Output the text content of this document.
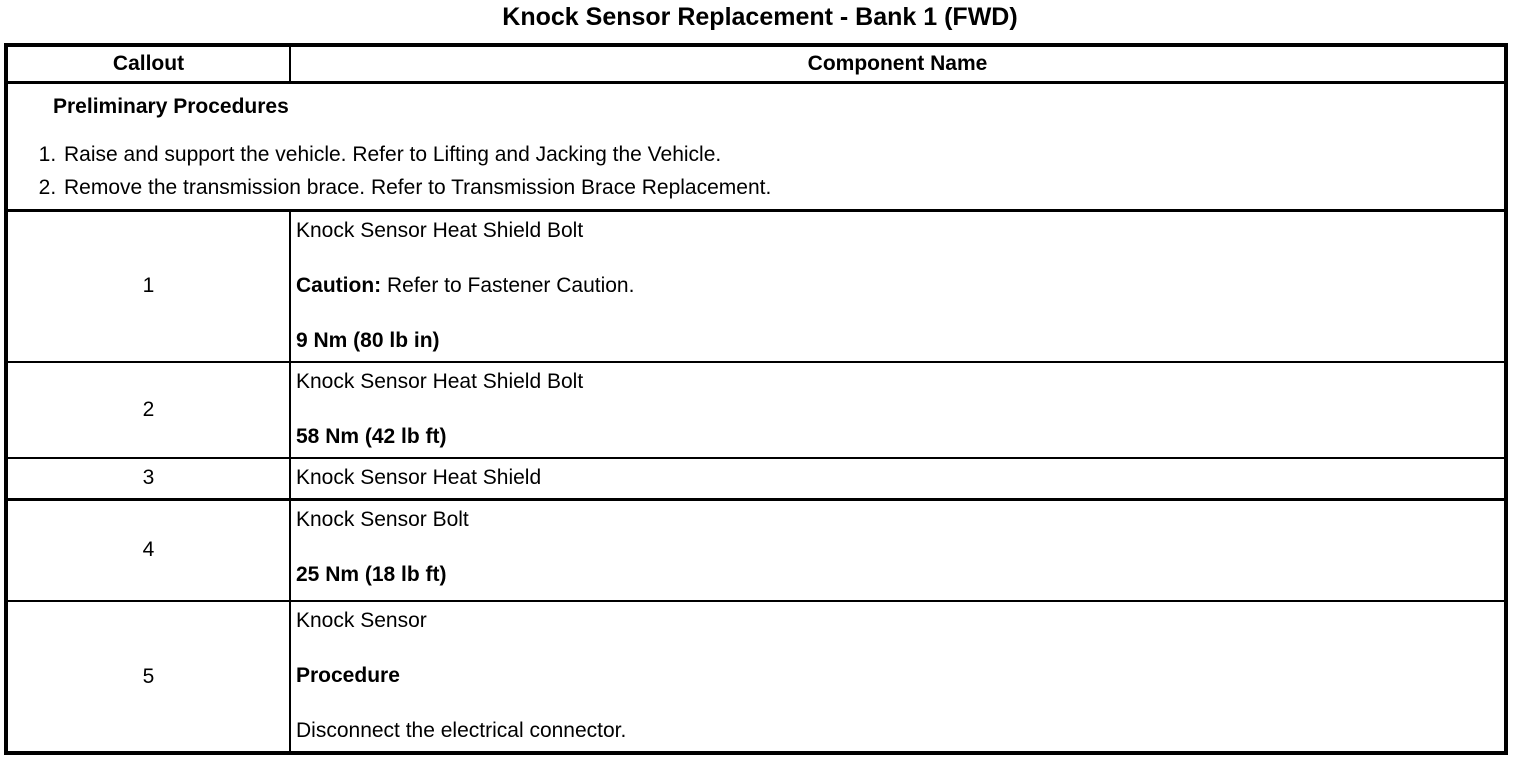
Knock Sensor Replacement - Bank 1 (FWD)
Callout	Component Name

Preliminary Procedures
1. Raise and support the vehicle. Refer to Lifting and Jacking the Vehicle.
2. Remove the transmission brace. Refer to Transmission Brace Replacement.

1	Knock Sensor Heat Shield Bolt

Caution: Refer to Fastener Caution.

9 Nm (80 lb in)

2	Knock Sensor Heat Shield Bolt

58 Nm (42 lb ft)

3	Knock Sensor Heat Shield

4	Knock Sensor Bolt

25 Nm (18 lb ft)

5	Knock Sensor

Procedure

Disconnect the electrical connector.
